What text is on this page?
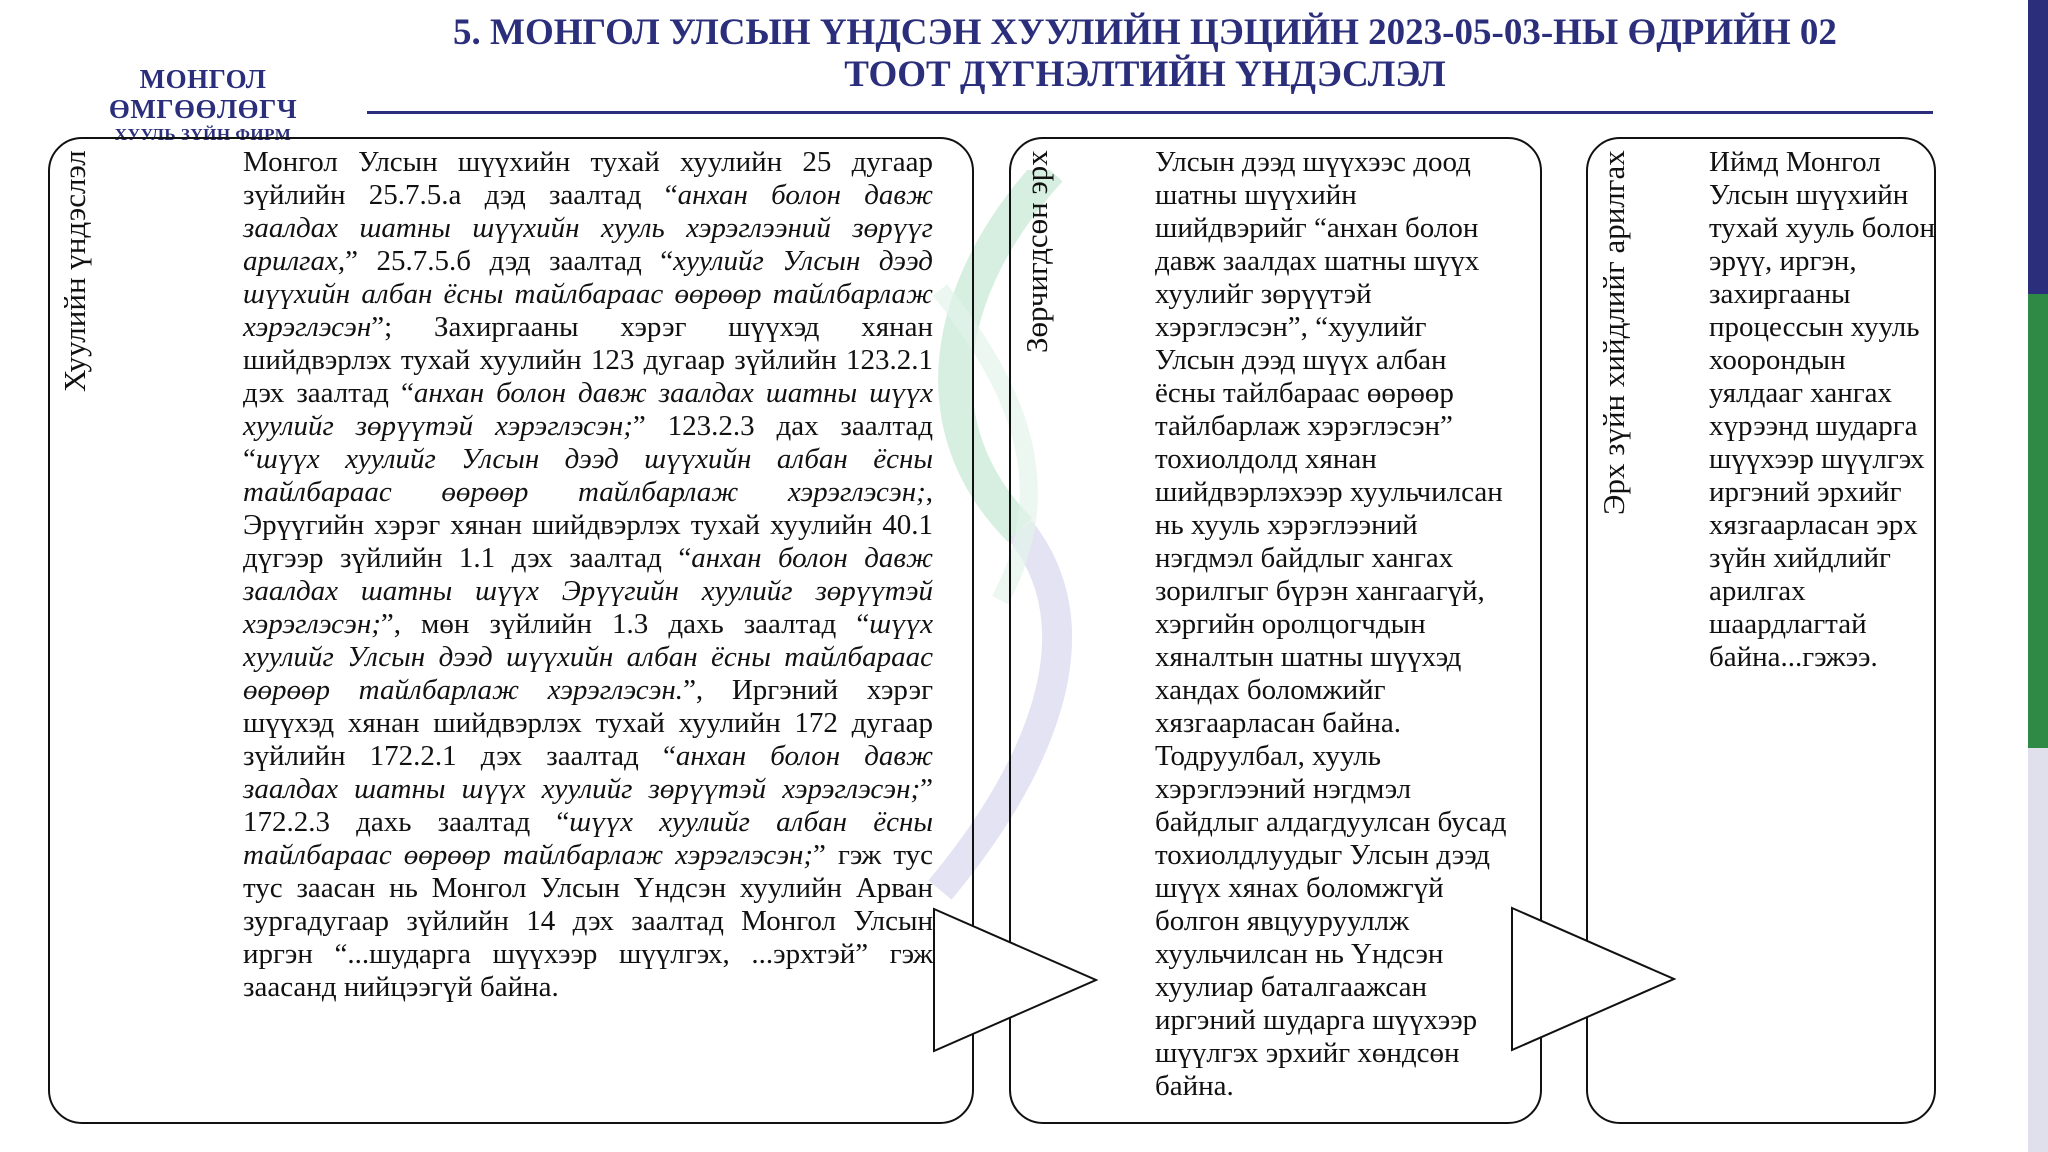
МОНГОЛ ӨМГӨӨЛӨГЧ
ХУУЛЬ ЗҮЙН ФИРМ
5. МОНГОЛ УЛСЫН ҮНДСЭН ХУУЛИЙН ЦЭЦИЙН 2023-05-03-НЫ ӨДРИЙН 02
ТООТ ДҮГНЭЛТИЙН ҮНДЭСЛЭЛ
Хуулийн үндэслэл	Зөрчигдсөн эрх	Эрх зүйн хийдлийг арилгах
Монгол Улсын шүүхийн тухай хуулийн 25 дугаар зүйлийн 25.7.5.а дэд заалтад “анхан болон давж заалдах шатны шүүхийн хууль хэрэглээний зөрүүг арилгах,” 25.7.5.б дэд заалтад “хуулийг Улсын дээд шүүхийн албан ёсны тайлбараас өөрөөр тайлбарлаж хэрэглэсэн”; Захиргааны хэрэг шүүхэд хянан шийдвэрлэх тухай хуулийн 123 дугаар зүйлийн 123.2.1 дэх заалтад “анхан болон давж заалдах шатны шүүх хуулийг зөрүүтэй хэрэглэсэн;” 123.2.3 дах заалтад “шүүх хуулийг Улсын дээд шүүхийн албан ёсны тайлбараас өөрөөр тайлбарлаж хэрэглэсэн;, Эрүүгийн хэрэг хянан шийдвэрлэх тухай хуулийн 40.1 дүгээр зүйлийн 1.1 дэх заалтад “анхан болон давж заалдах шатны шүүх Эрүүгийн хуулийг зөрүүтэй хэрэглэсэн;”, мөн зүйлийн 1.3 дахь заалтад “шүүх хуулийг Улсын дээд шүүхийн албан ёсны тайлбараас өөрөөр тайлбарлаж хэрэглэсэн.”, Иргэний хэрэг шүүхэд хянан шийдвэрлэх тухай хуулийн 172 дугаар зүйлийн 172.2.1 дэх заалтад “анхан болон давж заалдах шатны шүүх хуулийг зөрүүтэй хэрэглэсэн;” 172.2.3 дахь заалтад “шүүх хуулийг албан ёсны тайлбараас өөрөөр тайлбарлаж хэрэглэсэн;” гэж тус тус заасан нь Монгол Улсын Үндсэн хуулийн Арван зургадугаар зүйлийн 14 дэх заалтад Монгол Улсын иргэн “...шударга шүүхээр шүүлгэх, ...эрхтэй” гэж заасанд нийцээгүй байна.
Улсын дээд шүүхээс доод
шатны шүүхийн
шийдвэрийг “анхан болон
давж заалдах шатны шүүх
хуулийг зөрүүтэй
хэрэглэсэн”, “хуулийг
Улсын дээд шүүх албан
ёсны тайлбараас өөрөөр
тайлбарлаж хэрэглэсэн”
тохиолдолд хянан
шийдвэрлэхээр хуульчилсан
нь хууль хэрэглээний
нэгдмэл байдлыг хангах
зорилгыг бүрэн хангаагүй,
хэргийн оролцогчдын
хяналтын шатны шүүхэд
хандах боломжийг
хязгаарласан байна.
Тодруулбал, хууль
хэрэглээний нэгдмэл
байдлыг алдагдуулсан бусад
тохиолдлуудыг Улсын дээд
шүүх хянах боломжгүй
болгон явцуурууллж
хуульчилсан нь Үндсэн
хуулиар баталгаажсан
иргэний шударга шүүхээр
шүүлгэх эрхийг хөндсөн
байна.
Иймд Монгол
Улсын шүүхийн
тухай хууль болон
эрүү, иргэн,
захиргааны
процессын хууль
хоорондын
уялдааг хангах
хүрээнд шударга
шүүхээр шүүлгэх
иргэний эрхийг
хязгаарласан эрх
зүйн хийдлийг
арилгах
шаардлагтай
байна...гэжээ.
